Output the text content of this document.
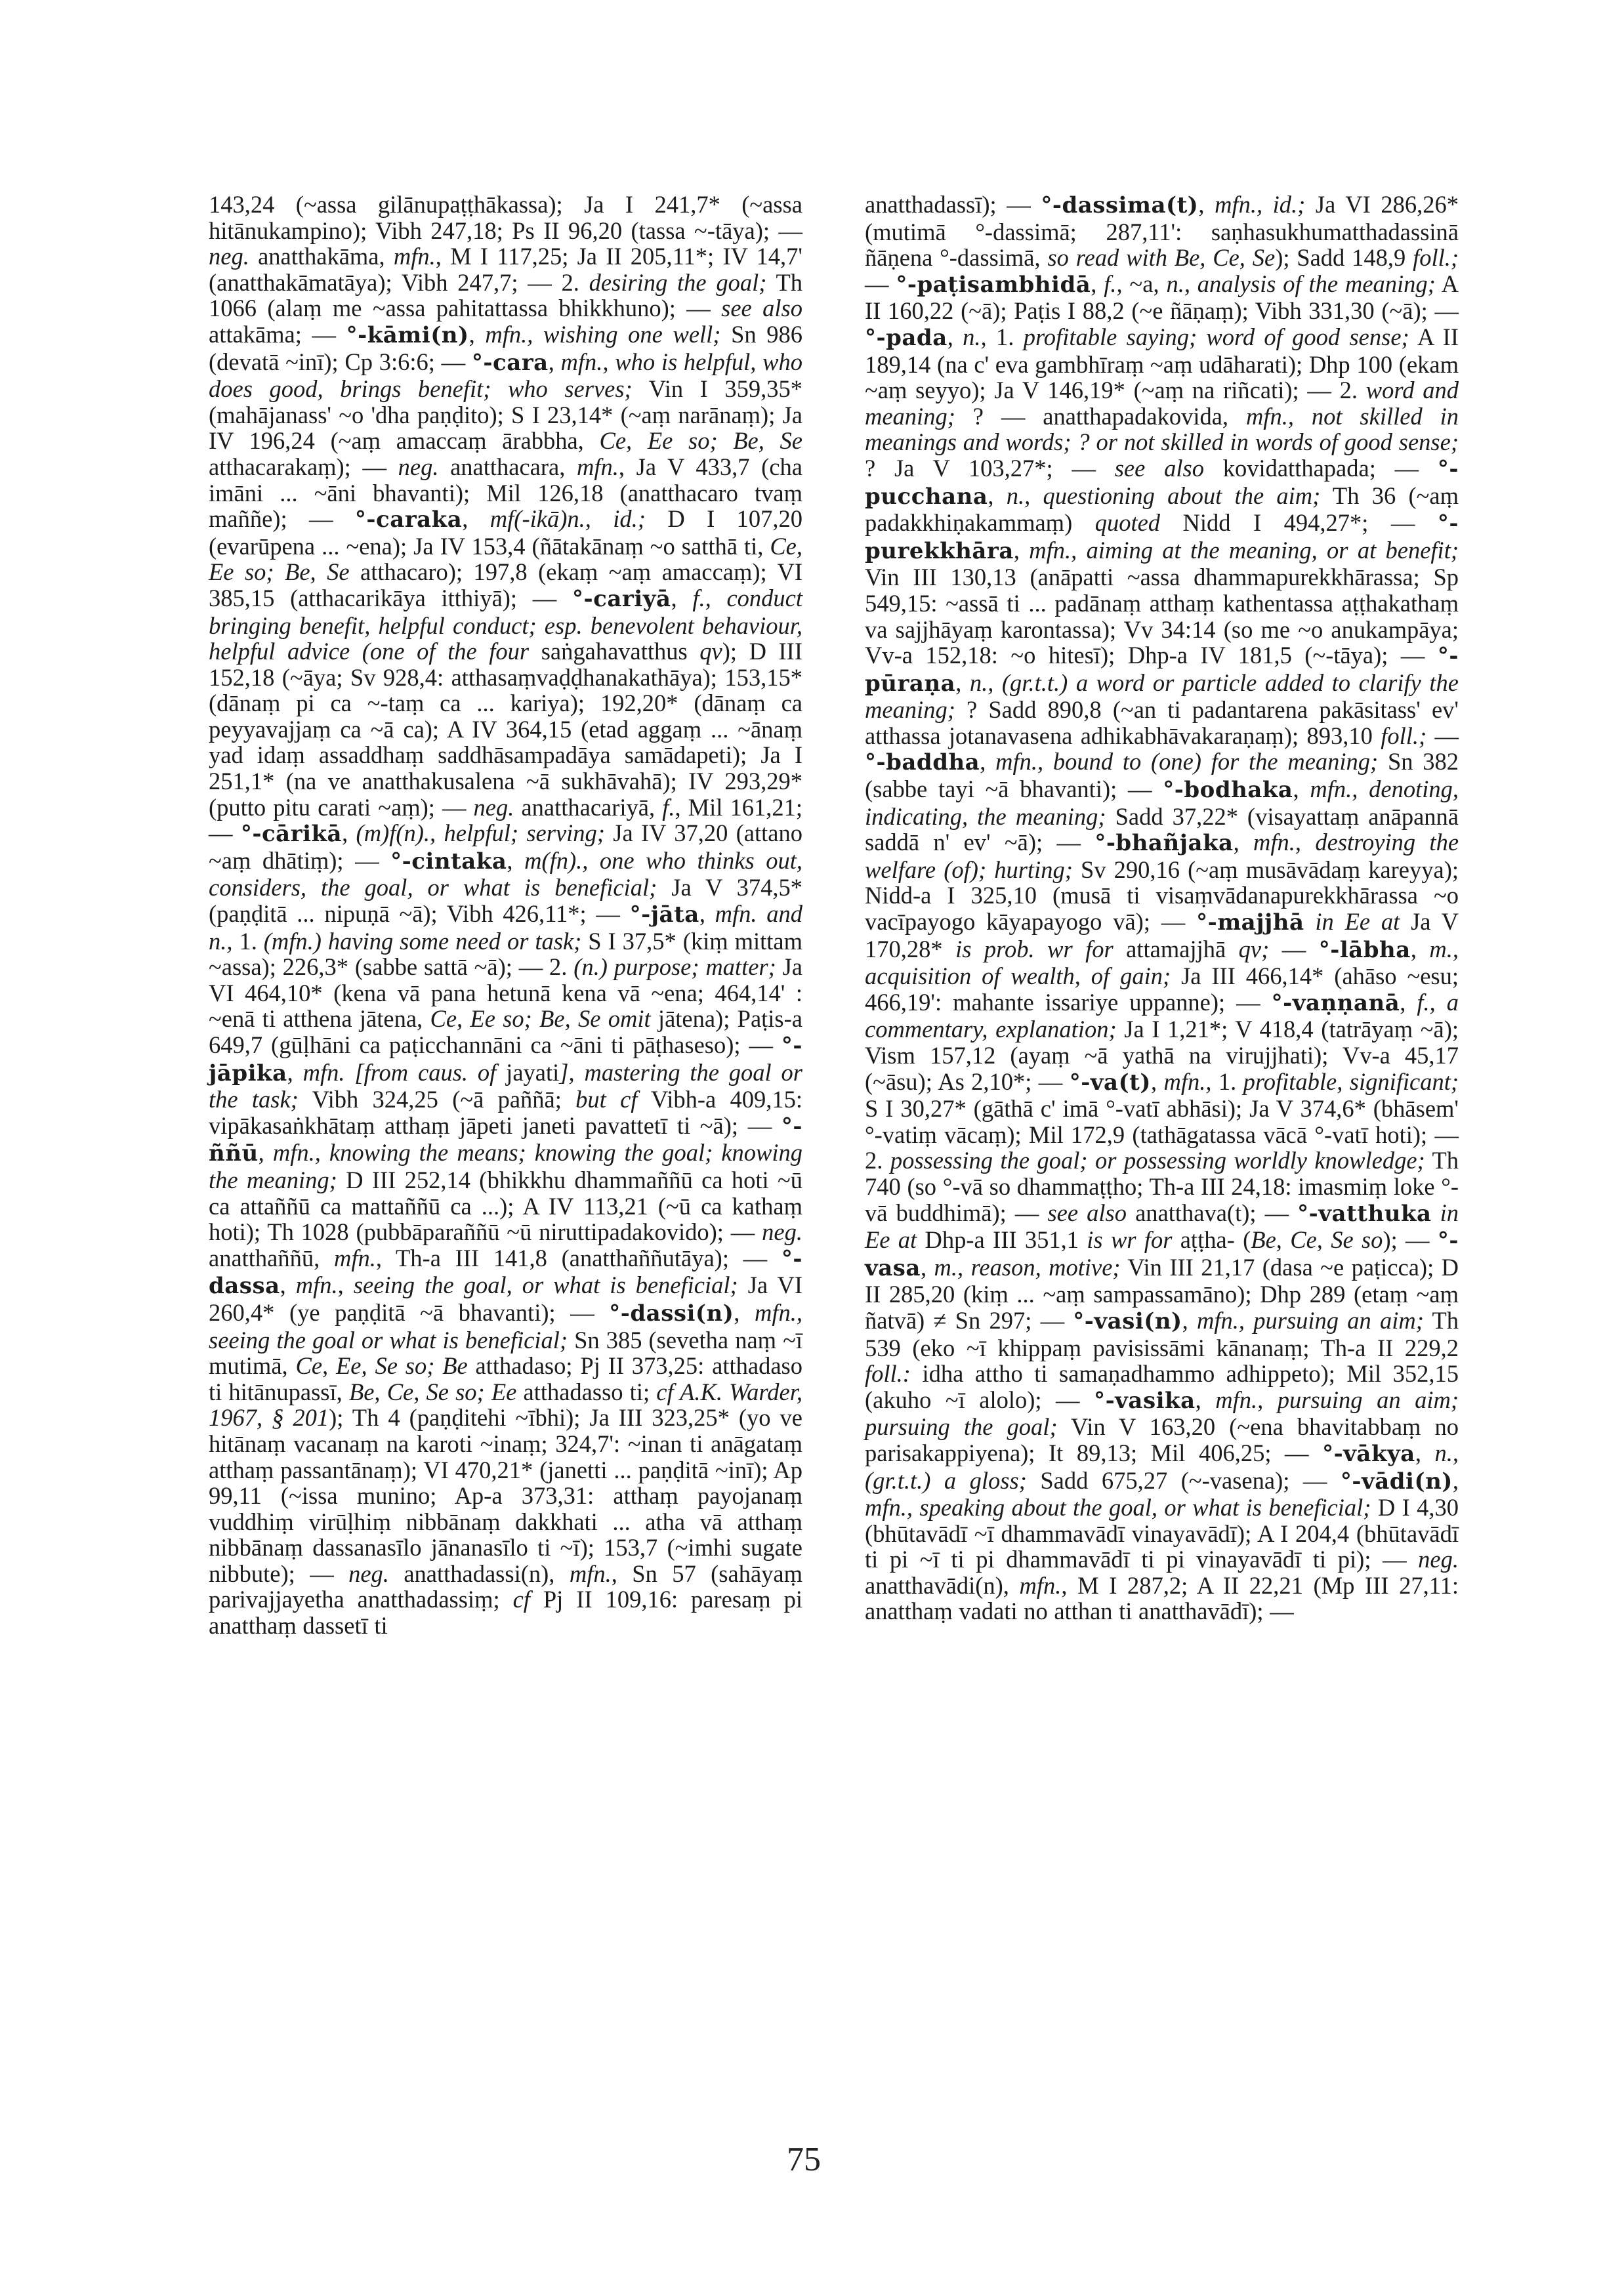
143,24 (~assa gilānupaṭṭhākassa); Ja I 241,7* (~assa hitānukampino); Vibh 247,18; Ps II 96,20 (tassa ~-tāya); — neg. anatthakāma, mfn., M I 117,25; Ja II 205,11*; IV 14,7' (anatthakāmatāya); Vibh 247,7; — 2. desiring the goal; Th 1066 (alaṃ me ~assa pahitattassa bhikkhuno); — see also attakāma; — °-kāmi(n), mfn., wishing one well; Sn 986 (devatā ~inī); Cp 3:6:6; — °-cara, mfn., who is helpful, who does good, brings benefit; who serves; Vin I 359,35* (mahājanass' ~o 'dha paṇḍito); S I 23,14* (~aṃ narānaṃ); Ja IV 196,24 (~aṃ amaccaṃ ārabbha, Ce, Ee so; Be, Se atthacarakaṃ); — neg. anatthacara, mfn., Ja V 433,7 (cha imāni ... ~āni bhavanti); Mil 126,18 (anatthacaro tvaṃ maññe); — °-caraka, mf(-ikā)n., id.; D I 107,20 (evarūpena ... ~ena); Ja IV 153,4 (ñātakānaṃ ~o satthā ti, Ce, Ee so; Be, Se atthacaro); 197,8 (ekaṃ ~aṃ amaccaṃ); VI 385,15 (atthacarikāya itthiyā); — °-cariyā, f., conduct bringing benefit, helpful conduct; esp. benevolent behaviour, helpful advice (one of the four saṅgahavatthus qv); D III 152,18 (~āya; Sv 928,4: atthasaṃvaḍḍhanakathāya); 153,15* (dānaṃ pi ca ~-taṃ ca ... kariya); 192,20* (dānaṃ ca peyyavajjaṃ ca ~ā ca); A IV 364,15 (etad aggaṃ ... ~ānaṃ yad idaṃ assaddhaṃ saddhāsampadāya samādapeti); Ja I 251,1* (na ve anatthakusalena ~ā sukhāvahā); IV 293,29* (putto pitu carati ~aṃ); — neg. anatthacariyā, f., Mil 161,21; — °-cārikā, (m)f(n)., helpful; serving; Ja IV 37,20 (attano ~aṃ dhātiṃ); — °-cintaka, m(fn)., one who thinks out, considers, the goal, or what is beneficial; Ja V 374,5* (paṇḍitā ... nipuṇā ~ā); Vibh 426,11*; — °-jāta, mfn. and n., 1. (mfn.) having some need or task; S I 37,5* (kiṃ mittam ~assa); 226,3* (sabbe sattā ~ā); — 2. (n.) purpose; matter; Ja VI 464,10* (kena vā pana hetunā kena vā ~ena; 464,14' : ~enā ti atthena jātena, Ce, Ee so; Be, Se omit jātena); Paṭis-a 649,7 (gūḷhāni ca paṭicchannāni ca ~āni ti pāṭhaseso); — °-jāpika, mfn. [from caus. of jayati], mastering the goal or the task; Vibh 324,25 (~ā paññā; but cf Vibh-a 409,15: vipākasaṅkhātaṃ atthaṃ jāpeti janeti pavattetī ti ~ā); — °-ññū, mfn., knowing the means; knowing the goal; knowing the meaning; D III 252,14 (bhikkhu dhammaññū ca hoti ~ū ca attaññū ca mattaññū ca ...); A IV 113,21 (~ū ca kathaṃ hoti); Th 1028 (pubbāparaññū ~ū niruttipadakovido); — neg. anatthaññū, mfn., Th-a III 141,8 (anatthaññutāya); — °-dassa, mfn., seeing the goal, or what is beneficial; Ja VI 260,4* (ye paṇḍitā ~ā bhavanti); — °-dassi(n), mfn., seeing the goal or what is beneficial; Sn 385 (sevetha naṃ ~ī mutimā, Ce, Ee, Se so; Be atthadaso; Pj II 373,25: atthadaso ti hitānupassī, Be, Ce, Se so; Ee atthadasso ti; cf A.K. Warder, 1967, § 201); Th 4 (paṇḍitehi ~ībhi); Ja III 323,25* (yo ve hitānaṃ vacanaṃ na karoti ~inaṃ; 324,7': ~inan ti anāgataṃ atthaṃ passantānaṃ); VI 470,21* (janetti ... paṇḍitā ~inī); Ap 99,11 (~issa munino; Ap-a 373,31: atthaṃ payojanaṃ vuddhiṃ virūḷhiṃ nibbānaṃ dakkhati ... atha vā atthaṃ nibbānaṃ dassanasīlo jānanasīlo ti ~ī); 153,7 (~imhi sugate nibbute); — neg. anatthadassi(n), mfn., Sn 57 (sahāyaṃ parivajjayetha anatthadassiṃ; cf Pj II 109,16: paresaṃ pi anatthaṃ dassetī ti
anatthadassī); — °-dassima(t), mfn., id.; Ja VI 286,26* (mutimā °-dassimā; 287,11': saṇhasukhumatthadassinā ñāṇena °-dassimā, so read with Be, Ce, Se); Sadd 148,9 foll.; — °-paṭisambhidā, f., ~a, n., analysis of the meaning; A II 160,22 (~ā); Paṭis I 88,2 (~e ñāṇaṃ); Vibh 331,30 (~ā); — °-pada, n., 1. profitable saying; word of good sense; A II 189,14 (na c' eva gambhīraṃ ~aṃ udāharati); Dhp 100 (ekam ~aṃ seyyo); Ja V 146,19* (~aṃ na riñcati); — 2. word and meaning; ? — anatthapadakovida, mfn., not skilled in meanings and words; ? or not skilled in words of good sense; ? Ja V 103,27*; — see also kovidatthapada; — °-pucchana, n., questioning about the aim; Th 36 (~aṃ padakkhiṇakammaṃ) quoted Nidd I 494,27*; — °-purekkhāra, mfn., aiming at the meaning, or at benefit; Vin III 130,13 (anāpatti ~assa dhammapurekkhārassa; Sp 549,15: ~assā ti ... padānaṃ atthaṃ kathentassa aṭṭhakathaṃ va sajjhāyaṃ karontassa); Vv 34:14 (so me ~o anukampāya; Vv-a 152,18: ~o hitesī); Dhp-a IV 181,5 (~-tāya); — °-pūraṇa, n., (gr.t.t.) a word or particle added to clarify the meaning; ? Sadd 890,8 (~an ti padantarena pakāsitass' ev' atthassa jotanavasena adhikabhāvakaraṇaṃ); 893,10 foll.; — °-baddha, mfn., bound to (one) for the meaning; Sn 382 (sabbe tayi ~ā bhavanti); — °-bodhaka, mfn., denoting, indicating, the meaning; Sadd 37,22* (visayattaṃ anāpannā saddā n' ev' ~ā); — °-bhañjaka, mfn., destroying the welfare (of); hurting; Sv 290,16 (~aṃ musāvādaṃ kareyya); Nidd-a I 325,10 (musā ti visaṃvādanapurekkhārassa ~o vacīpayogo kāyapayogo vā); — °-majjhā in Ee at Ja V 170,28* is prob. wr for attamajjhā qv; — °-lābha, m., acquisition of wealth, of gain; Ja III 466,14* (ahāso ~esu; 466,19': mahante issariye uppanne); — °-vaṇṇanā, f., a commentary, explanation; Ja I 1,21*; V 418,4 (tatrāyaṃ ~ā); Vism 157,12 (ayaṃ ~ā yathā na virujjhati); Vv-a 45,17 (~āsu); As 2,10*; — °-va(t), mfn., 1. profitable, significant; S I 30,27* (gāthā c' imā °-vatī abhāsi); Ja V 374,6* (bhāsem' °-vatiṃ vācaṃ); Mil 172,9 (tathāgatassa vācā °-vatī hoti); — 2. possessing the goal; or possessing worldly knowledge; Th 740 (so °-vā so dhammaṭṭho; Th-a III 24,18: imasmiṃ loke °-vā buddhimā); — see also anatthava(t); — °-vatthuka in Ee at Dhp-a III 351,1 is wr for aṭṭha- (Be, Ce, Se so); — °-vasa, m., reason, motive; Vin III 21,17 (dasa ~e paṭicca); D II 285,20 (kiṃ ... ~aṃ sampassamāno); Dhp 289 (etaṃ ~aṃ ñatvā) ≠ Sn 297; — °-vasi(n), mfn., pursuing an aim; Th 539 (eko ~ī khippaṃ pavisissāmi kānanaṃ; Th-a II 229,2 foll.: idha attho ti samaṇadhammo adhippeto); Mil 352,15 (akuho ~ī alolo); — °-vasika, mfn., pursuing an aim; pursuing the goal; Vin V 163,20 (~ena bhavitabbaṃ no parisakappiyena); It 89,13; Mil 406,25; — °-vākya, n., (gr.t.t.) a gloss; Sadd 675,27 (~-vasena); — °-vādi(n), mfn., speaking about the goal, or what is beneficial; D I 4,30 (bhūtavādī ~ī dhammavādī vinayavādī); A I 204,4 (bhūtavādī ti pi ~ī ti pi dhammavādī ti pi vinayavādī ti pi); — neg. anatthavādi(n), mfn., M I 287,2; A II 22,21 (Mp III 27,11: anatthaṃ vadati no atthan ti anatthavādī); —
75
